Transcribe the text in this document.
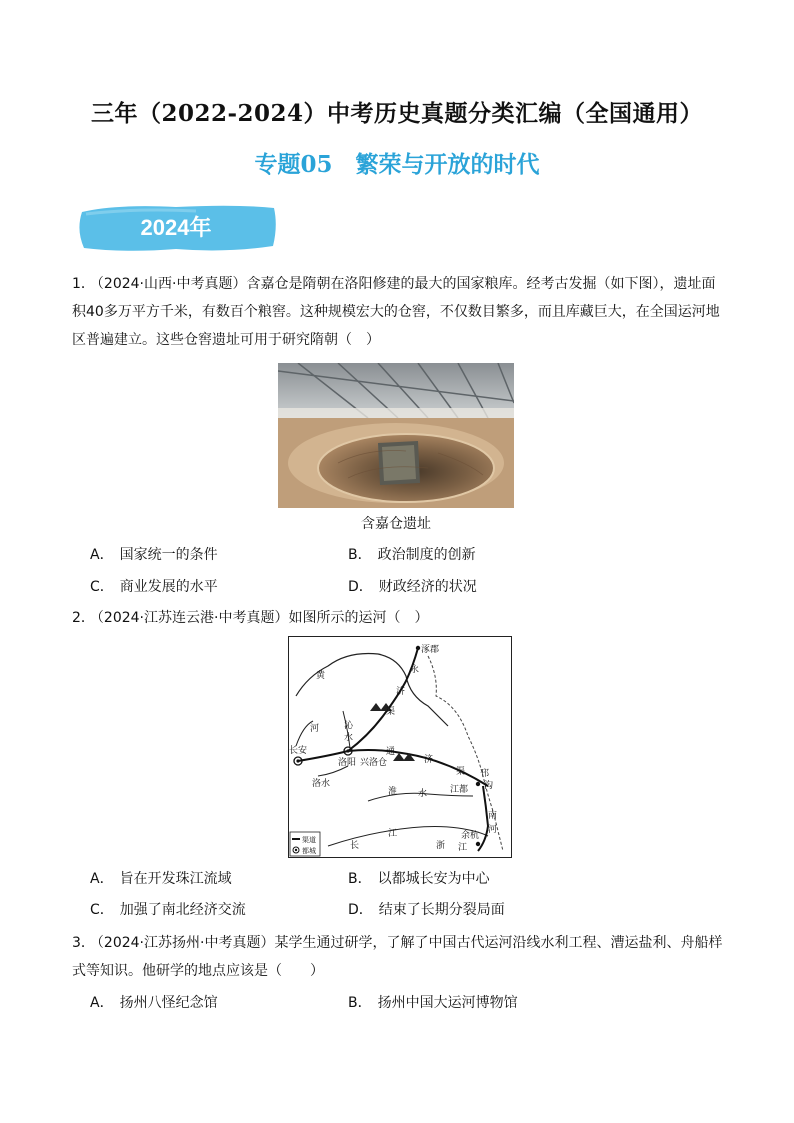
三年（2022-2024）中考历史真题分类汇编（全国通用）
专题05　繁荣与开放的时代
2024年
1． （2024·山西·中考真题）含嘉仓是隋朝在洛阳修建的最大的国家粮库。经考古发掘（如下图），遗址面积40多万平方千米，有数百个粮窖。这种规模宏大的仓窖，不仅数目繁多，而且库藏巨大，在全国运河地区普遍建立。这些仓窖遗址可用于研究隋朝（　）
含嘉仓遗址
A． 国家统一的条件	B． 政治制度的创新
C． 商业发展的水平	D． 财政经济的状况
2． （2024·江苏连云港·中考真题）如图所示的运河（　）
涿郡
永
济
渠
黄
河	沁
水
长安
洛阳 兴洛仓
通
济
渠
洛水
淮 水	江都
邗
沟
江
南
河
余杭
长	浙 江
渠道
都城
A． 旨在开发珠江流域	B． 以都城长安为中心
C． 加强了南北经济交流	D． 结束了长期分裂局面
3． （2024·江苏扬州·中考真题）某学生通过研学，了解了中国古代运河沿线水利工程、漕运盐利、舟船样式等知识。他研学的地点应该是（　　）
A． 扬州八怪纪念馆	B． 扬州中国大运河博物馆
